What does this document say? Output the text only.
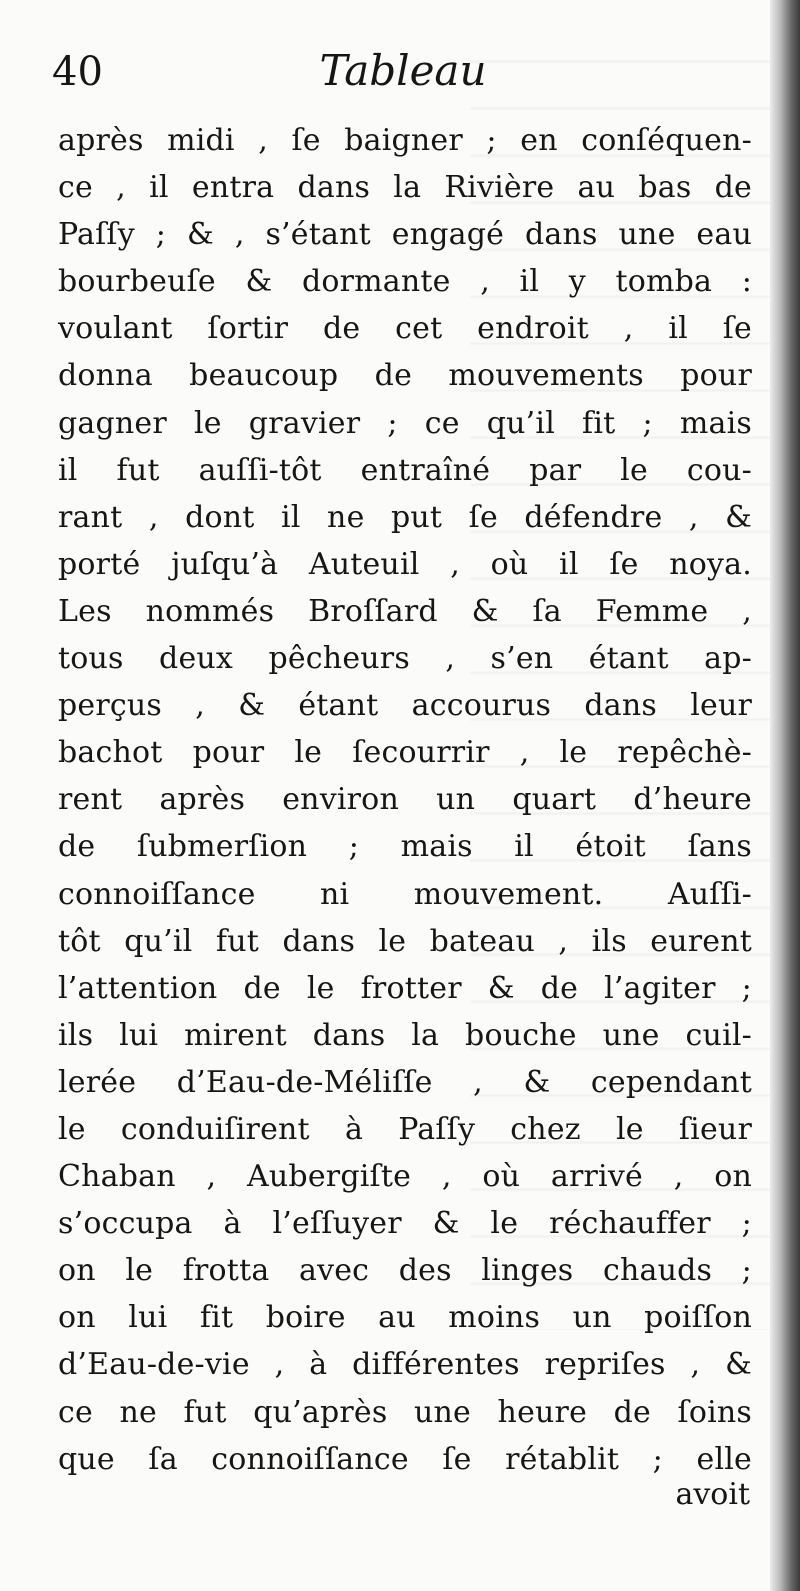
40	Tableau
après midi , ſe baigner ; en conſéquen-
ce , il entra dans la Rivière au bas de
Paſſy ; & , s’étant engagé dans une eau
bourbeuſe & dormante , il y tomba :
voulant ſortir de cet endroit , il ſe
donna beaucoup de mouvements pour
gagner le gravier ; ce qu’il fit ; mais
il fut auſſi-tôt entraîné par le cou-
rant , dont il ne put ſe défendre , &
porté juſqu’à Auteuil , où il ſe noya.
Les nommés Broſſard & ſa Femme ,
tous deux pêcheurs , s’en étant ap-
perçus , & étant accourus dans leur
bachot pour le ſecourrir , le repêchè-
rent après environ un quart d’heure
de ſubmerſion ; mais il étoit ſans
connoiſſance ni mouvement. Auſſi-
tôt qu’il fut dans le bateau , ils eurent
l’attention de le frotter & de l’agiter ;
ils lui mirent dans la bouche une cuil-
lerée d’Eau-de-Méliſſe , & cependant
le conduiſirent à Paſſy chez le ſieur
Chaban , Aubergiſte , où arrivé , on
s’occupa à l’eſſuyer & le réchauffer ;
on le frotta avec des linges chauds ;
on lui fit boire au moins un poiſſon
d’Eau-de-vie , à différentes repriſes , &
ce ne fut qu’après une heure de ſoins
que ſa connoiſſance ſe rétablit ; elle
avoit
